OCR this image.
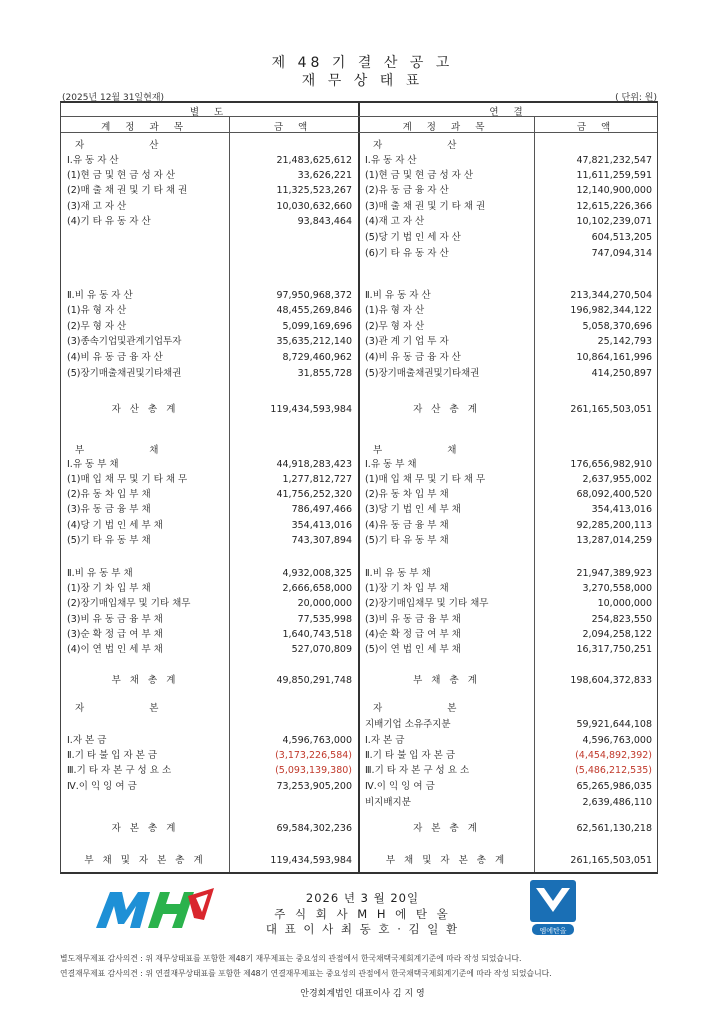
제 48 기 결 산 공 고
재 무 상 태 표
(2025년 12월 31일현재)	( 단위: 원)
별 도	연 결
계 정 과 목	금 액	계 정 과 목	금 액
자 산
Ⅰ.유 동 자 산	21,483,625,612
(1)현 금 및 현 금 성 자 산	33,626,221
(2)매 출 채 권 및 기 타 채 권	11,325,523,267
(3)재 고 자 산	10,030,632,660
(4)기 타 유 동 자 산	93,843,464
Ⅱ.비 유 동 자 산	97,950,968,372
(1)유 형 자 산	48,455,269,846
(2)무 형 자 산	5,099,169,696
(3)종속기업및관계기업투자	35,635,212,140
(4)비 유 동 금 융 자 산	8,729,460,962
(5)장기매출채권및기타채권	31,855,728
자 산 총 계	119,434,593,984
부 채
Ⅰ.유 동 부 채	44,918,283,423
(1)매 입 채 무 및 기 타 채 무	1,277,812,727
(2)유 동 차 입 부 채	41,756,252,320
(3)유 동 금 융 부 채	786,497,466
(4)당 기 법 인 세 부 채	354,413,016
(5)기 타 유 동 부 채	743,307,894
Ⅱ.비 유 동 부 채	4,932,008,325
(1)장 기 차 입 부 채	2,666,658,000
(2)장기매입채무 및 기타 채무	20,000,000
(3)비 유 동 금 융 부 채	77,535,998
(3)순 확 정 급 여 부 채	1,640,743,518
(4)이 연 법 인 세 부 채	527,070,809
부 채 총 계	49,850,291,748
자 본
Ⅰ.자 본 금	4,596,763,000
Ⅱ.기 타 불 입 자 본 금	(3,173,226,584)
Ⅲ.기 타 자 본 구 성 요 소	(5,093,139,380)
Ⅳ.이 익 잉 여 금	73,253,905,200
자 본 총 계	69,584,302,236
부 채 및 자 본 총 계	119,434,593,984
자 산
Ⅰ.유 동 자 산	47,821,232,547
(1)현 금 및 현 금 성 자 산	11,611,259,591
(2)유 동 금 융 자 산	12,140,900,000
(3)매 출 채 권 및 기 타 채 권	12,615,226,366
(4)재 고 자 산	10,102,239,071
(5)당 기 법 인 세 자 산	604,513,205
(6)기 타 유 동 자 산	747,094,314
Ⅱ.비 유 동 자 산	213,344,270,504
(1)유 형 자 산	196,982,344,122
(2)무 형 자 산	5,058,370,696
(3)관 계 기 업 투 자	25,142,793
(4)비 유 동 금 융 자 산	10,864,161,996
(5)장기매출채권및기타채권	414,250,897
자 산 총 계	261,165,503,051
부 채
Ⅰ.유 동 부 채	176,656,982,910
(1)매 입 채 무 및 기 타 채 무	2,637,955,002
(2)유 동 차 입 부 채	68,092,400,520
(3)당 기 법 인 세 부 채	354,413,016
(4)유 동 금 융 부 채	92,285,200,113
(5)기 타 유 동 부 채	13,287,014,259
Ⅱ.비 유 동 부 채	21,947,389,923
(1)장 기 차 입 부 채	3,270,558,000
(2)장기매입채무 및 기타 채무	10,000,000
(3)비 유 동 금 융 부 채	254,823,550
(4)순 확 정 급 여 부 채	2,094,258,122
(5)이 연 법 인 세 부 채	16,317,750,251
부 채 총 계	198,604,372,833
자 본
지배기업 소유주지분	59,921,644,108
Ⅰ.자 본 금	4,596,763,000
Ⅱ.기 타 불 입 자 본 금	(4,454,892,392)
Ⅲ.기 타 자 본 구 성 요 소	(5,486,212,535)
Ⅳ.이 익 잉 여 금	65,265,986,035
비지배지분	2,639,486,110
자 본 총 계	62,561,130,218
부 채 및 자 본 총 계	261,165,503,051
2026 년 3 월 20일
주 식 회 사 M H 에 탄 올
대 표 이 사 최 동 호 · 김 일 환	엠에탄올
별도재무제표 감사의견 : 위 재무상태표를 포함한 제48기 재무제표는 중요성의 관점에서 한국채택국제회계기준에 따라 작성 되었습니다.
연결재무제표 감사의견 : 위 연결재무상태표를 포함한 제48기 연결재무제표는 중요성의 관점에서 한국채택국제회계기준에 따라 작성 되었습니다.
안경회계법인 대표이사 김 지 영
